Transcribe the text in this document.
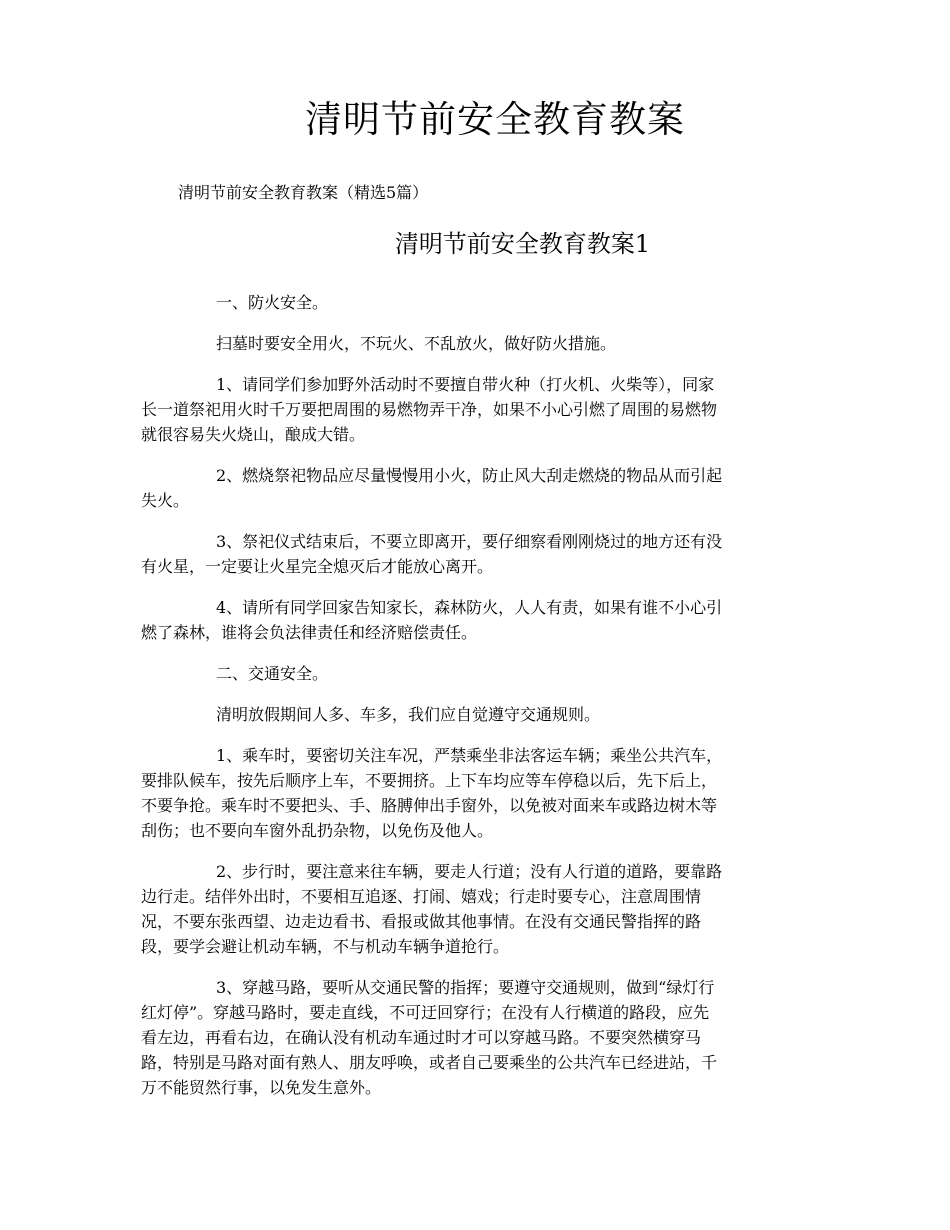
清明节前安全教育教案

清明节前安全教育教案（精选5篇）

清明节前安全教育教案1

一、防火安全。

扫墓时要安全用火，不玩火、不乱放火，做好防火措施。

1、请同学们参加野外活动时不要擅自带火种（打火机、火柴等），同家
长一道祭祀用火时千万要把周围的易燃物弄干净，如果不小心引燃了周围的易燃物
就很容易失火烧山，酿成大错。

2、燃烧祭祀物品应尽量慢慢用小火，防止风大刮走燃烧的物品从而引起
失火。

3、祭祀仪式结束后，不要立即离开，要仔细察看刚刚烧过的地方还有没
有火星，一定要让火星完全熄灭后才能放心离开。

4、请所有同学回家告知家长，森林防火，人人有责，如果有谁不小心引
燃了森林，谁将会负法律责任和经济赔偿责任。

二、交通安全。

清明放假期间人多、车多，我们应自觉遵守交通规则。

1、乘车时，要密切关注车况，严禁乘坐非法客运车辆；乘坐公共汽车，
要排队候车，按先后顺序上车，不要拥挤。上下车均应等车停稳以后，先下后上，
不要争抢。乘车时不要把头、手、胳膊伸出手窗外，以免被对面来车或路边树木等
刮伤；也不要向车窗外乱扔杂物，以免伤及他人。

2、步行时，要注意来往车辆，要走人行道；没有人行道的道路，要靠路
边行走。结伴外出时，不要相互追逐、打闹、嬉戏；行走时要专心，注意周围情
况，不要东张西望、边走边看书、看报或做其他事情。在没有交通民警指挥的路
段，要学会避让机动车辆，不与机动车辆争道抢行。

3、穿越马路，要听从交通民警的指挥；要遵守交通规则，做到“绿灯行
红灯停”。穿越马路时，要走直线，不可迂回穿行；在没有人行横道的路段，应先
看左边，再看右边，在确认没有机动车通过时才可以穿越马路。不要突然横穿马
路，特别是马路对面有熟人、朋友呼唤，或者自己要乘坐的公共汽车已经进站，千
万不能贸然行事，以免发生意外。
